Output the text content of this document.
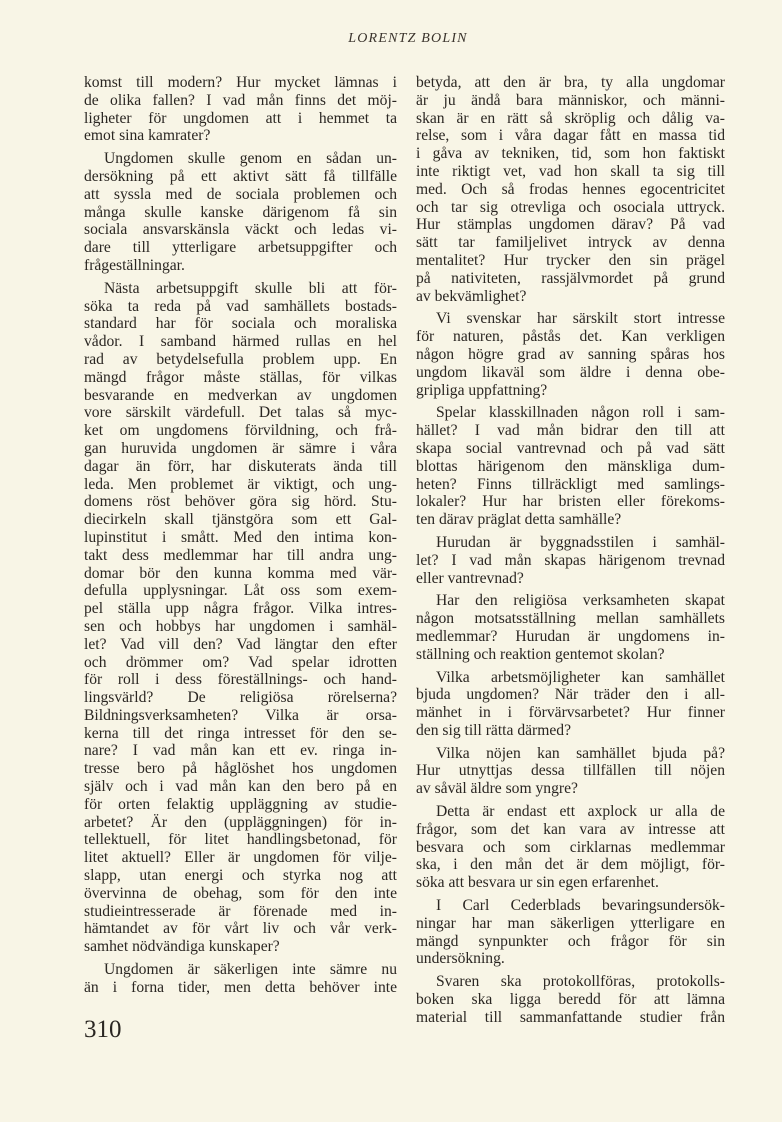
LORENTZ BOLIN
komst till modern? Hur mycket lämnas i
de olika fallen? I vad mån finns det möj-
ligheter för ungdomen att i hemmet ta
emot sina kamrater?
Ungdomen skulle genom en sådan un-
dersökning på ett aktivt sätt få tillfälle
att syssla med de sociala problemen och
många skulle kanske därigenom få sin
sociala ansvarskänsla väckt och ledas vi-
dare till ytterligare arbetsuppgifter och
frågeställningar.
Nästa arbetsuppgift skulle bli att för-
söka ta reda på vad samhällets bostads-
standard har för sociala och moraliska
vådor. I samband härmed rullas en hel
rad av betydelsefulla problem upp. En
mängd frågor måste ställas, för vilkas
besvarande en medverkan av ungdomen
vore särskilt värdefull. Det talas så myc-
ket om ungdomens förvildning, och frå-
gan huruvida ungdomen är sämre i våra
dagar än förr, har diskuterats ända till
leda. Men problemet är viktigt, och ung-
domens röst behöver göra sig hörd. Stu-
diecirkeln skall tjänstgöra som ett Gal-
lupinstitut i smått. Med den intima kon-
takt dess medlemmar har till andra ung-
domar bör den kunna komma med vär-
defulla upplysningar. Låt oss som exem-
pel ställa upp några frågor. Vilka intres-
sen och hobbys har ungdomen i samhäl-
let? Vad vill den? Vad längtar den efter
och drömmer om? Vad spelar idrotten
för roll i dess föreställnings- och hand-
lingsvärld? De religiösa rörelserna?
Bildningsverksamheten? Vilka är orsa-
kerna till det ringa intresset för den se-
nare? I vad mån kan ett ev. ringa in-
tresse bero på håglöshet hos ungdomen
själv och i vad mån kan den bero på en
för orten felaktig uppläggning av studie-
arbetet? Är den (uppläggningen) för in-
tellektuell, för litet handlingsbetonad, för
litet aktuell? Eller är ungdomen för vilje-
slapp, utan energi och styrka nog att
övervinna de obehag, som för den inte
studieintresserade är förenade med in-
hämtandet av för vårt liv och vår verk-
samhet nödvändiga kunskaper?
Ungdomen är säkerligen inte sämre nu
än i forna tider, men detta behöver inte
betyda, att den är bra, ty alla ungdomar
är ju ändå bara människor, och männi-
skan är en rätt så skröplig och dålig va-
relse, som i våra dagar fått en massa tid
i gåva av tekniken, tid, som hon faktiskt
inte riktigt vet, vad hon skall ta sig till
med. Och så frodas hennes egocentricitet
och tar sig otrevliga och osociala uttryck.
Hur stämplas ungdomen därav? På vad
sätt tar familjelivet intryck av denna
mentalitet? Hur trycker den sin prägel
på nativiteten, rassjälvmordet på grund
av bekvämlighet?
Vi svenskar har särskilt stort intresse
för naturen, påstås det. Kan verkligen
någon högre grad av sanning spåras hos
ungdom likaväl som äldre i denna obe-
gripliga uppfattning?
Spelar klasskillnaden någon roll i sam-
hället? I vad mån bidrar den till att
skapa social vantrevnad och på vad sätt
blottas härigenom den mänskliga dum-
heten? Finns tillräckligt med samlings-
lokaler? Hur har bristen eller förekoms-
ten därav präglat detta samhälle?
Hurudan är byggnadsstilen i samhäl-
let? I vad mån skapas härigenom trevnad
eller vantrevnad?
Har den religiösa verksamheten skapat
någon motsatsställning mellan samhällets
medlemmar? Hurudan är ungdomens in-
ställning och reaktion gentemot skolan?
Vilka arbetsmöjligheter kan samhället
bjuda ungdomen? När träder den i all-
mänhet in i förvärvsarbetet? Hur finner
den sig till rätta därmed?
Vilka nöjen kan samhället bjuda på?
Hur utnyttjas dessa tillfällen till nöjen
av såväl äldre som yngre?
Detta är endast ett axplock ur alla de
frågor, som det kan vara av intresse att
besvara och som cirklarnas medlemmar
ska, i den mån det är dem möjligt, för-
söka att besvara ur sin egen erfarenhet.
I Carl Cederblads bevaringsundersök-
ningar har man säkerligen ytterligare en
mängd synpunkter och frågor för sin
undersökning.
Svaren ska protokollföras, protokolls-
boken ska ligga beredd för att lämna
material till sammanfattande studier från
310
